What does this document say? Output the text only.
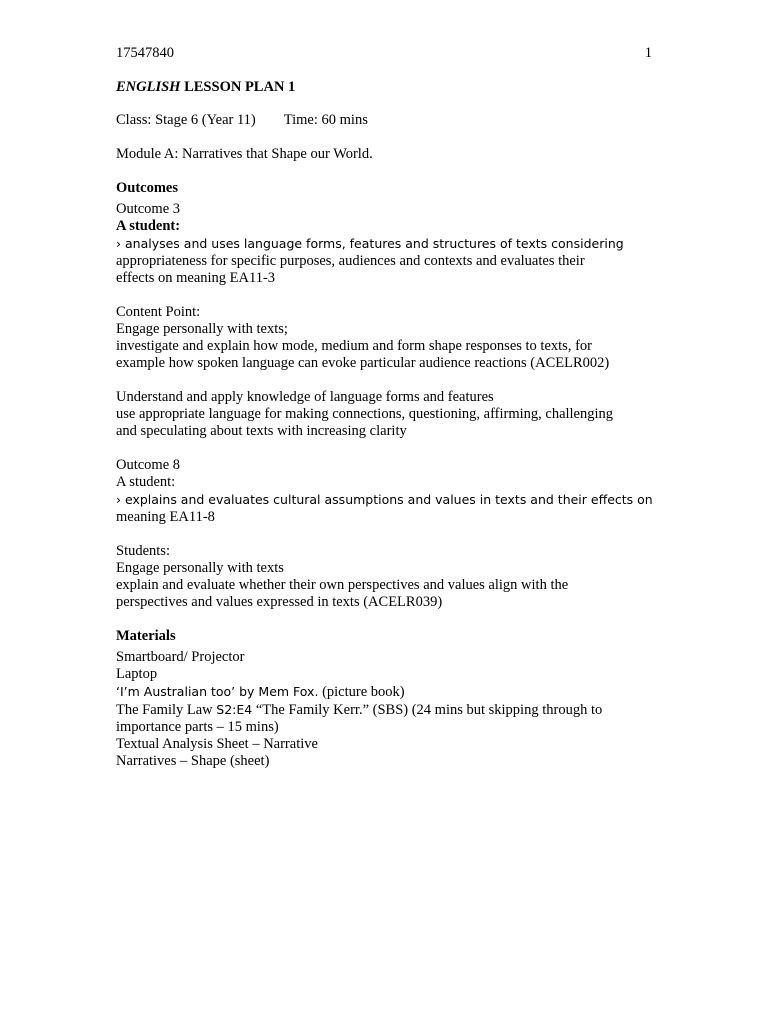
17547840	1
ENGLISH LESSON PLAN 1
Class: Stage 6 (Year 11) Time: 60 mins
Module A: Narratives that Shape our World.
Outcomes
Outcome 3
A student:
› analyses and uses language forms, features and structures of texts considering
appropriateness for specific purposes, audiences and contexts and evaluates their
effects on meaning EA11-3
Content Point:
Engage personally with texts;
investigate and explain how mode, medium and form shape responses to texts, for
example how spoken language can evoke particular audience reactions (ACELR002)
Understand and apply knowledge of language forms and features
use appropriate language for making connections, questioning, affirming, challenging
and speculating about texts with increasing clarity
Outcome 8
A student:
› explains and evaluates cultural assumptions and values in texts and their effects on
meaning EA11-8
Students:
Engage personally with texts
explain and evaluate whether their own perspectives and values align with the
perspectives and values expressed in texts (ACELR039)
Materials
Smartboard/ Projector
Laptop
‘I’m Australian too’ by Mem Fox. (picture book)
The Family Law S2:E4 “The Family Kerr.” (SBS) (24 mins but skipping through to
importance parts – 15 mins)
Textual Analysis Sheet – Narrative
Narratives – Shape (sheet)
